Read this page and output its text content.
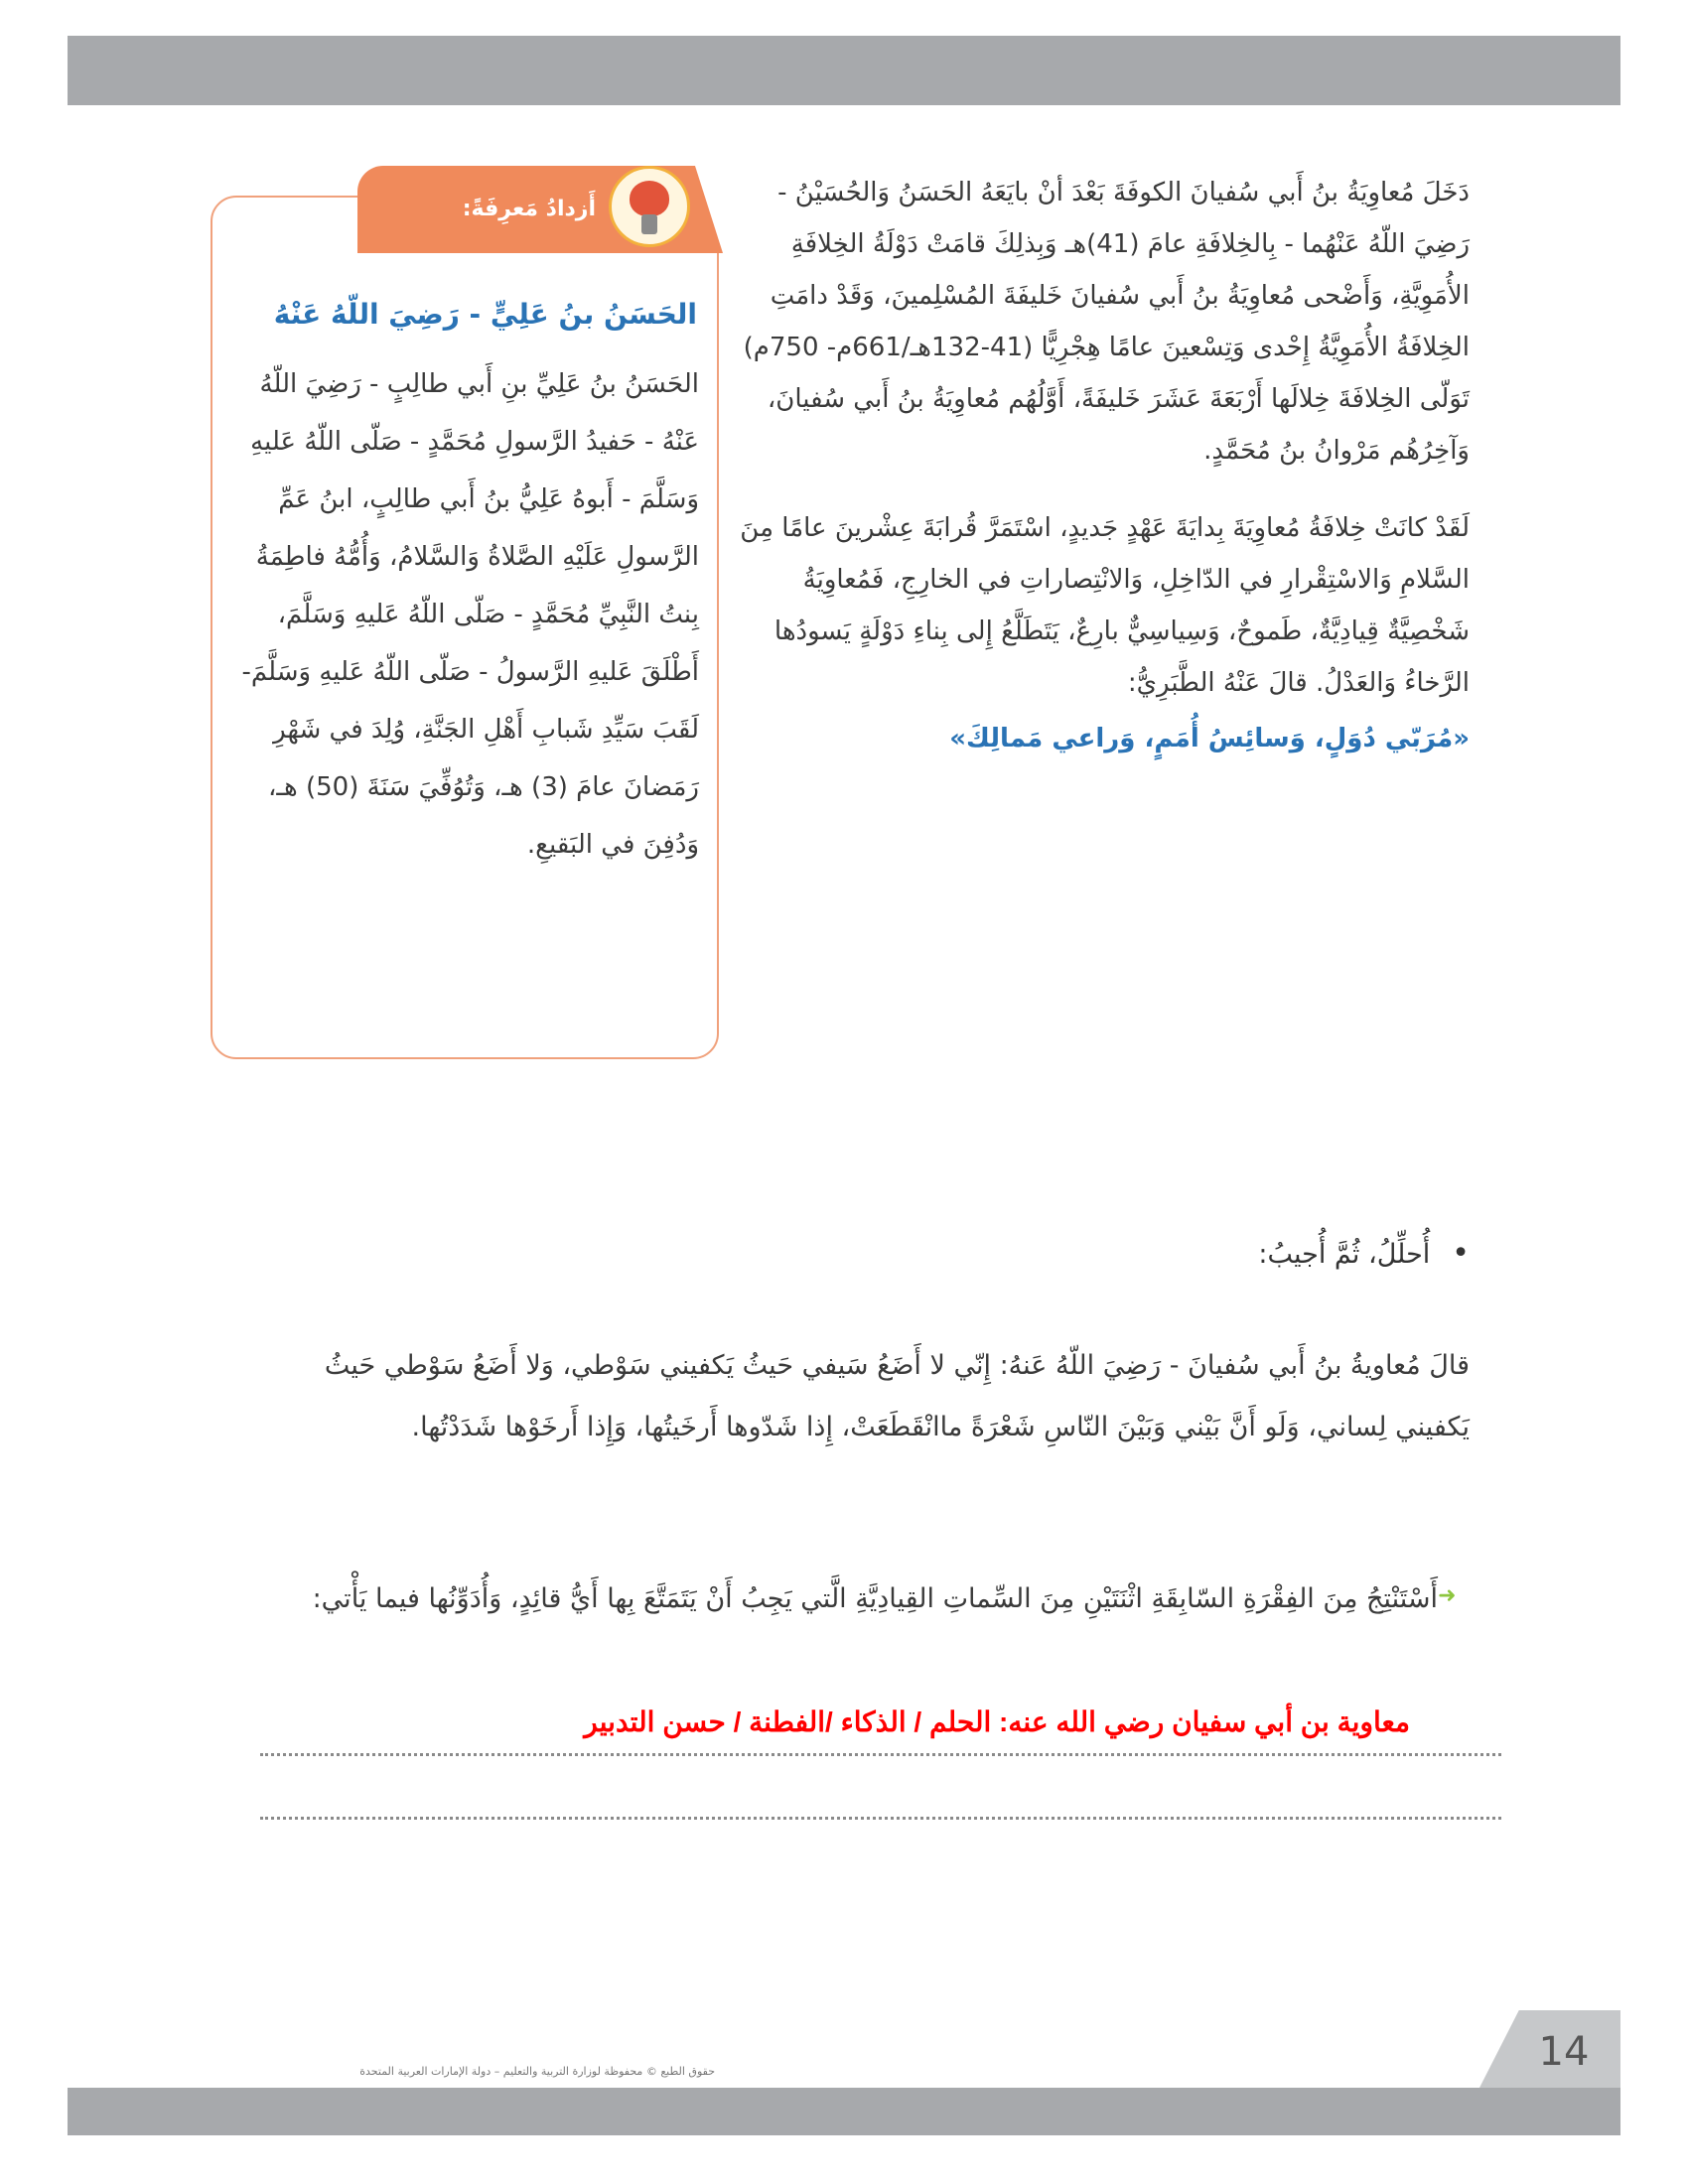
دَخَلَ مُعاوِيَةُ بنُ أَبي سُفيانَ الكوفَةَ بَعْدَ أنْ بايَعَهُ الحَسَنُ وَالحُسَيْنُ - رَضِيَ اللّهُ عَنْهُما - بِالخِلافَةِ عامَ (41)هـ وَبِذلِكَ قامَتْ دَوْلَةُ الخِلافَةِ الأُمَوِيَّةِ، وَأَضْحى مُعاوِيَةُ بنُ أَبي سُفيانَ خَليفَةَ المُسْلِمينَ، وَقَدْ دامَتِ الخِلافَةُ الأُمَوِيَّةُ إِحْدى وَتِسْعينَ عامًا هِجْرِيًّا (41-132هـ/661م- 750م) تَوَلّى الخِلافَةَ خِلالَها أَرْبَعَةَ عَشَرَ خَليفَةً، أَوَّلُهُم مُعاوِيَةُ بنُ أَبي سُفيانَ، وَآخِرُهُم مَرْوانُ بنُ مُحَمَّدٍ.

لَقَدْ كانَتْ خِلافَةُ مُعاوِيَةَ بِدايَةَ عَهْدٍ جَديدٍ، اسْتَمَرَّ قُرابَةَ عِشْرينَ عامًا مِنَ السَّلامِ وَالاسْتِقْرارِ في الدّاخِلِ، وَالانْتِصاراتِ في الخارِجِ، فَمُعاوِيَةُ شَخْصِيَّةٌ قِيادِيَّةٌ، طَموحٌ، وَسِياسِيٌّ بارِعٌ، يَتَطَلَّعُ إِلى بِناءِ دَوْلَةٍ يَسودُها الرَّخاءُ وَالعَدْلُ. قالَ عَنْهُ الطَّبَرِيُّ:

«مُرَبّي دُوَلٍ، وَسائِسُ أُمَمٍ، وَراعي مَمالِكَ»

أَزدادُ مَعرِفَةً:
الحَسَنُ بنُ عَلِيٍّ - رَضِيَ اللّهُ عَنْهُ
الحَسَنُ بنُ عَلِيِّ بنِ أَبي طالِبٍ - رَضِيَ اللّهُ عَنْهُ - حَفيدُ الرَّسولِ مُحَمَّدٍ - صَلّى اللّهُ عَليهِ وَسَلَّمَ - أَبوهُ عَلِيُّ بنُ أَبي طالِبٍ، ابنُ عَمِّ الرَّسولِ عَلَيْهِ الصَّلاةُ وَالسَّلامُ، وَأُمُّهُ فاطِمَةُ بِنتُ النَّبِيِّ مُحَمَّدٍ - صَلّى اللّهُ عَليهِ وَسَلَّمَ، أَطْلَقَ عَليهِ الرَّسولُ - صَلّى اللّهُ عَليهِ وَسَلَّمَ- لَقَبَ سَيِّدِ شَبابِ أَهْلِ الجَنَّةِ، وُلِدَ في شَهْرِ رَمَضانَ عامَ (3) هـ، وَتُوُفِّيَ سَنَةَ (50) هـ، وَدُفِنَ في البَقيعِ.
•أُحلِّلُ، ثُمَّ أُجيبُ:
قالَ مُعاويةُ بنُ أَبي سُفيانَ - رَضِيَ اللّهُ عَنهُ: إِنّي لا أَضَعُ سَيفي حَيثُ يَكفيني سَوْطي، وَلا أَضَعُ سَوْطي حَيثُ يَكفيني لِساني، وَلَو أَنَّ بَيْني وَبَيْنَ النّاسِ شَعْرَةً ماانْقَطَعَتْ، إِذا شَدّوها أَرخَيتُها، وَإِذا أَرخَوْها شَدَدْتُها.
➜
أَسْتَنْتِجُ مِنَ الفِقْرَةِ السّابِقَةِ اثْنَتَيْنِ مِنَ السِّماتِ القِيادِيَّةِ الَّتي يَجِبُ أَنْ يَتَمَتَّعَ بِها أَيُّ قائِدٍ، وَأُدَوِّنُها فيما يَأْتي:
معاوية بن أبي سفيان رضي الله عنه: الحلم / الذكاء /الفطنة / حسن التدبير
حقوق الطبع © محفوظة لوزارة التربية والتعليم – دولة الإمارات العربية المتحدة	14
